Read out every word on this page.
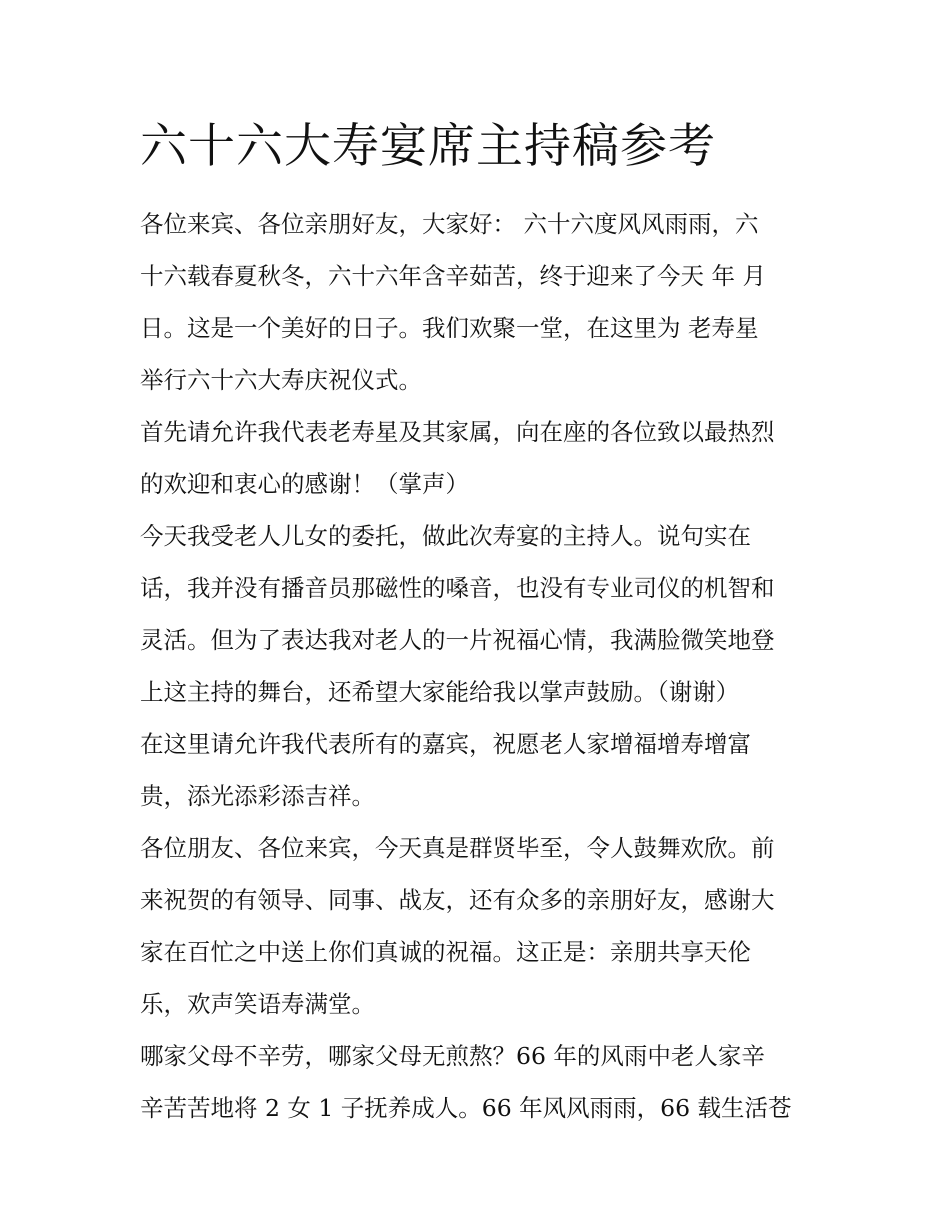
六十六大寿宴席主持稿参考
各位来宾、各位亲朋好友，大家好： 六十六度风风雨雨，六
十六载春夏秋冬，六十六年含辛茹苦，终于迎来了今天 年 月
日。这是一个美好的日子。我们欢聚一堂，在这里为 老寿星
举行六十六大寿庆祝仪式。
首先请允许我代表老寿星及其家属，向在座的各位致以最热烈
的欢迎和衷心的感谢！（掌声）
今天我受老人儿女的委托，做此次寿宴的主持人。说句实在
话，我并没有播音员那磁性的嗓音，也没有专业司仪的机智和
灵活。但为了表达我对老人的一片祝福心情，我满脸微笑地登
上这主持的舞台，还希望大家能给我以掌声鼓励。（谢谢）
在这里请允许我代表所有的嘉宾，祝愿老人家增福增寿增富
贵，添光添彩添吉祥。
各位朋友、各位来宾，今天真是群贤毕至，令人鼓舞欢欣。前
来祝贺的有领导、同事、战友，还有众多的亲朋好友，感谢大
家在百忙之中送上你们真诚的祝福。这正是：亲朋共享天伦
乐，欢声笑语寿满堂。
哪家父母不辛劳，哪家父母无煎熬？66 年的风雨中老人家辛
辛苦苦地将 2 女 1 子抚养成人。66 年风风雨雨，66 载生活苍
